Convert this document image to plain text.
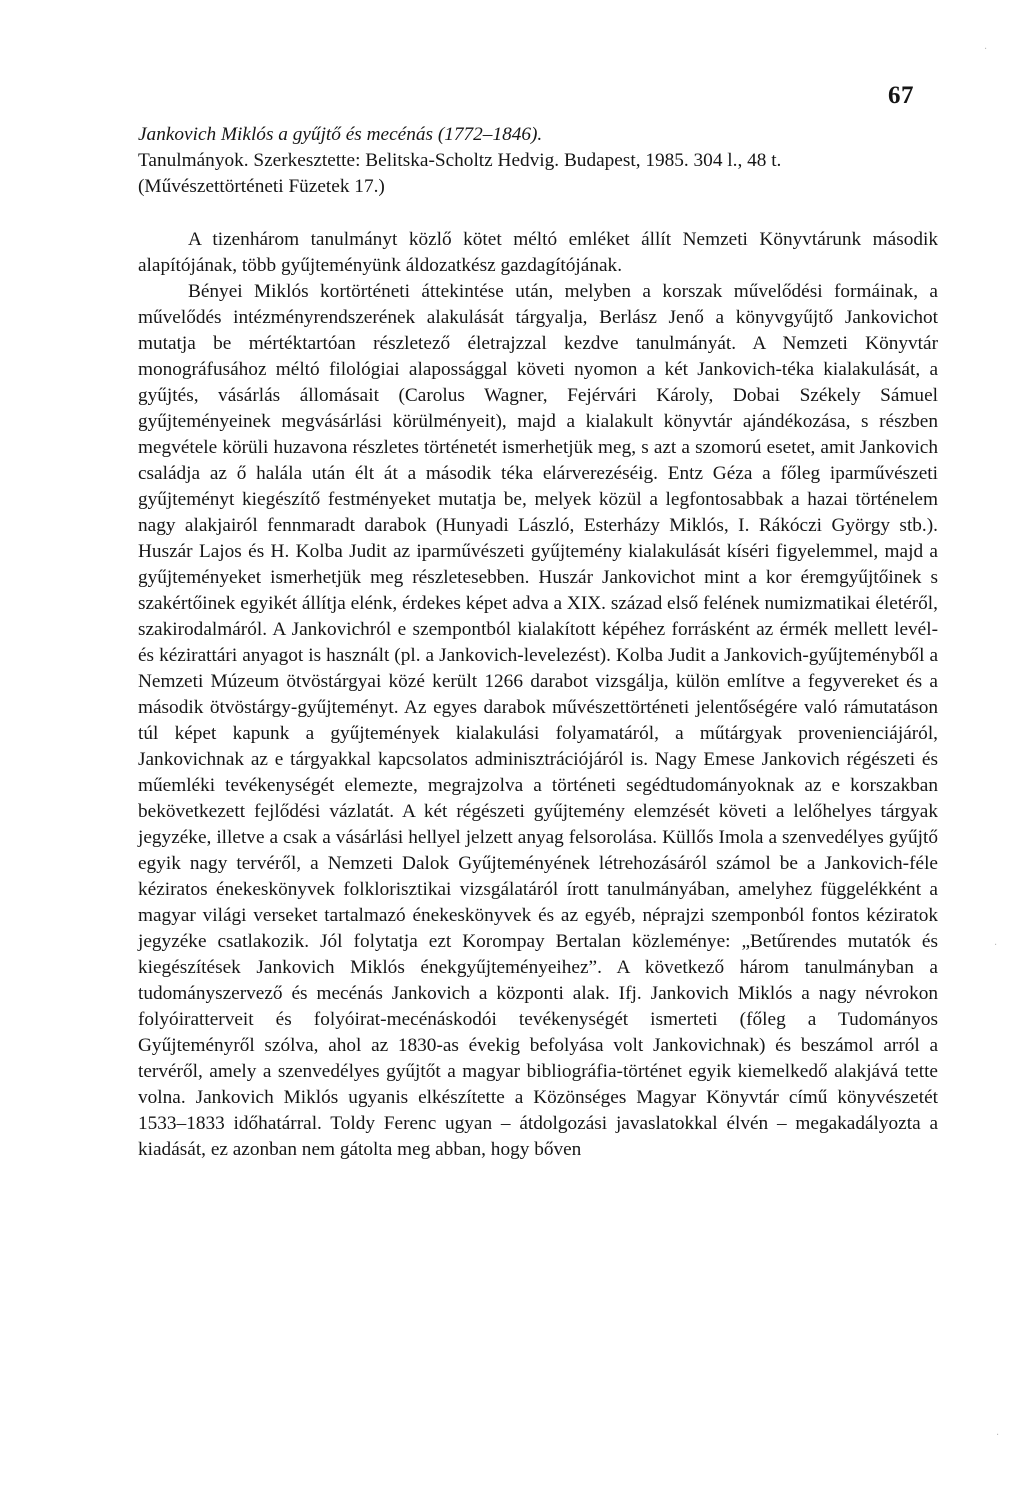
67
Jankovich Miklós a gyűjtő és mecénás (1772–1846).
Tanulmányok. Szerkesztette: Belitska-Scholtz Hedvig. Budapest, 1985. 304 l., 48 t.
(Művészettörténeti Füzetek 17.)

A tizenhárom tanulmányt közlő kötet méltó emléket állít Nemzeti Könyvtárunk második alapítójának, több gyűjteményünk áldozatkész gazdagítójának.

Bényei Miklós kortörténeti áttekintése után, melyben a korszak művelődési formáinak, a művelődés intézményrendszerének alakulását tárgyalja, Berlász Jenő a könyvgyűjtő Jankovichot mutatja be mértéktartóan részletező életrajzzal kezdve tanulmányát. A Nemzeti Könyvtár monográfusához méltó filológiai alapossággal követi nyomon a két Jankovich-téka kialakulását, a gyűjtés, vásárlás állomásait (Carolus Wagner, Fejérvári Károly, Dobai Székely Sámuel gyűjteményeinek megvásárlási körülményeit), majd a kialakult könyvtár ajándékozása, s részben megvétele körüli huzavona részletes történetét ismerhetjük meg, s azt a szomorú esetet, amit Jankovich családja az ő halála után élt át a második téka elárverezéséig. Entz Géza a főleg iparművészeti gyűjteményt kiegészítő festményeket mutatja be, melyek közül a legfontosabbak a hazai történelem nagy alakjairól fennmaradt darabok (Hunyadi László, Esterházy Miklós, I. Rákóczi György stb.). Huszár Lajos és H. Kolba Judit az iparművészeti gyűjtemény kialakulását kíséri figyelemmel, majd a gyűjteményeket ismerhetjük meg részletesebben. Huszár Jankovichot mint a kor éremgyűjtőinek s szakértőinek egyikét állítja elénk, érdekes képet adva a XIX. század első felének numizmatikai életéről, szakirodalmáról. A Jankovichról e szempontból kialakított képéhez forrásként az érmék mellett levél- és kézirattári anyagot is használt (pl. a Jankovich-levelezést). Kolba Judit a Jankovich-gyűjteményből a Nemzeti Múzeum ötvöstárgyai közé került 1266 darabot vizsgálja, külön említve a fegyvereket és a második ötvöstárgy-gyűjteményt. Az egyes darabok művészettörténeti jelentőségére való rámutatáson túl képet kapunk a gyűjtemények kialakulási folyamatáról, a műtárgyak provenienciájáról, Jankovichnak az e tárgyakkal kapcsolatos adminisztrációjáról is. Nagy Emese Jankovich régészeti és műemléki tevékenységét elemezte, megrajzolva a történeti segédtudományoknak az e korszakban bekövetkezett fejlődési vázlatát. A két régészeti gyűjtemény elemzését követi a lelőhelyes tárgyak jegyzéke, illetve a csak a vásárlási hellyel jelzett anyag felsorolása. Küllős Imola a szenvedélyes gyűjtő egyik nagy tervéről, a Nemzeti Dalok Gyűjteményének létrehozásáról számol be a Jankovich-féle kéziratos énekeskönyvek folklorisztikai vizsgálatáról írott tanulmányában, amelyhez függelékként a magyar világi verseket tartalmazó énekeskönyvek és az egyéb, néprajzi szemponból fontos kéziratok jegyzéke csatlakozik. Jól folytatja ezt Korompay Bertalan közleménye: „Betűrendes mutatók és kiegészítések Jankovich Miklós énekgyűjteményeihez”. A következő három tanulmányban a tudományszervező és mecénás Jankovich a központi alak. Ifj. Jankovich Miklós a nagy névrokon folyóiratterveit és folyóirat-mecénáskodói tevékenységét ismerteti (főleg a Tudományos Gyűjteményről szólva, ahol az 1830-as évekig befolyása volt Jankovichnak) és beszámol arról a tervéről, amely a szenvedélyes gyűjtőt a magyar bibliográfia-történet egyik kiemelkedő alakjává tette volna. Jankovich Miklós ugyanis elkészítette a Közönséges Magyar Könyvtár című könyvészetét 1533–1833 időhatárral. Toldy Ferenc ugyan – átdolgozási javaslatokkal élvén – megakadályozta a kiadását, ez azonban nem gátolta meg abban, hogy bőven

·
·
·
